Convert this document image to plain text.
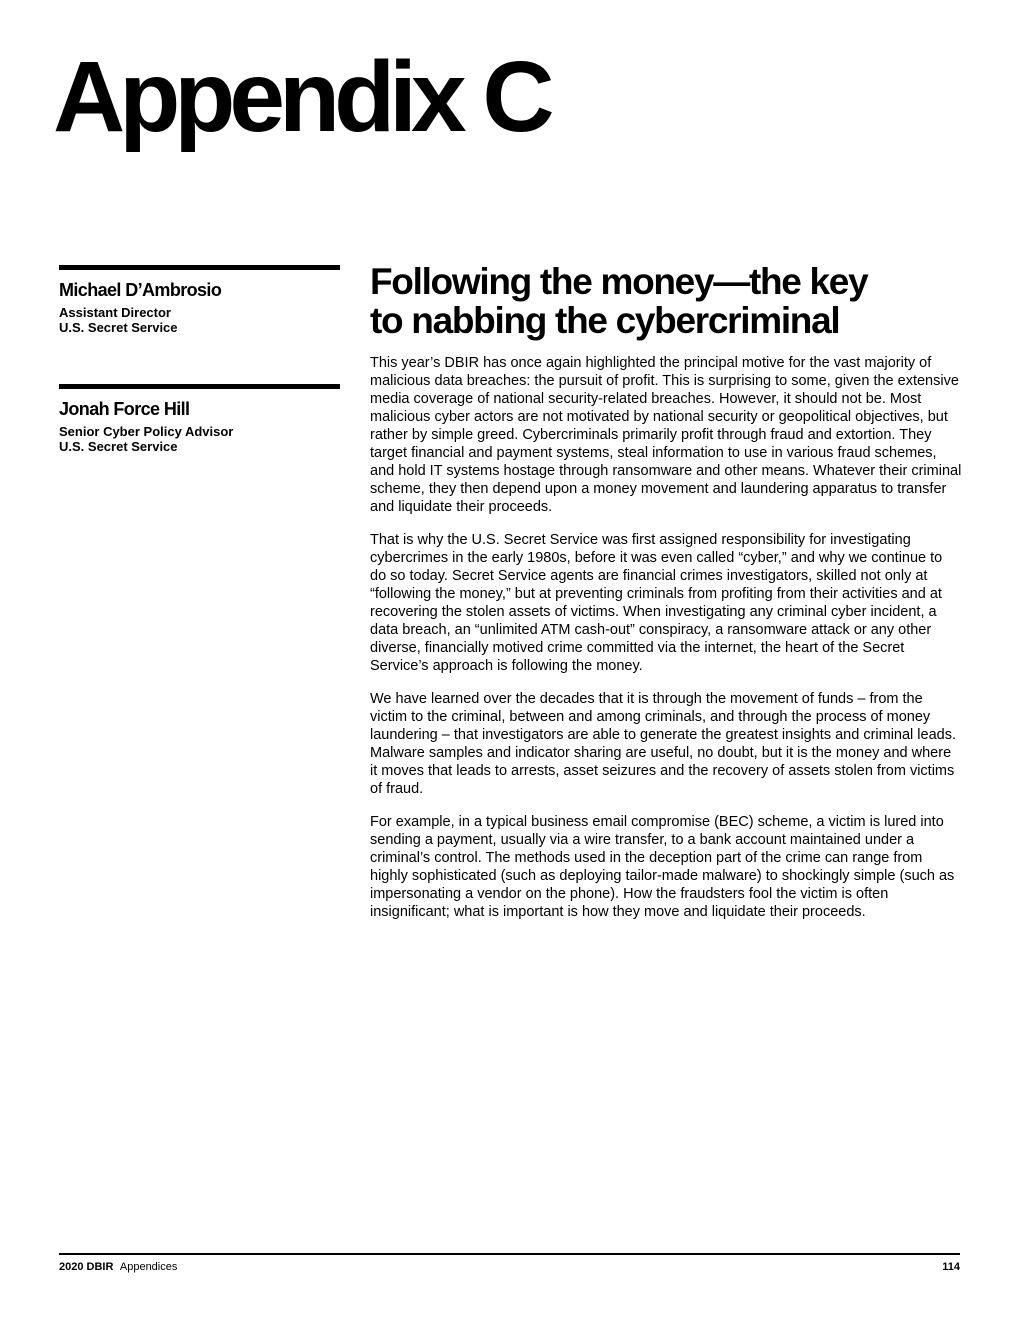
Appendix C

Michael D’Ambrosio

Assistant Director

U.S. Secret Service

Jonah Force Hill

Senior Cyber Policy Advisor

U.S. Secret Service

Following the money—the key
to nabbing the cybercriminal

This year’s DBIR has once again highlighted the principal motive for the vast majority of malicious data breaches: the pursuit of profit. This is surprising to some, given the extensive media coverage of national security-related breaches. However, it should not be. Most malicious cyber actors are not motivated by national security or geopolitical objectives, but rather by simple greed. Cybercriminals primarily profit through fraud and extortion. They target financial and payment systems, steal information to use in various fraud schemes, and hold IT systems hostage through ransomware and other means. Whatever their criminal scheme, they then depend upon a money movement and laundering apparatus to transfer and liquidate their proceeds.

That is why the U.S. Secret Service was first assigned responsibility for investigating cybercrimes in the early 1980s, before it was even called “cyber,” and why we continue to do so today. Secret Service agents are financial crimes investigators, skilled not only at “following the money,” but at preventing criminals from profiting from their activities and at recovering the stolen assets of victims. When investigating any criminal cyber incident, a data breach, an “unlimited ATM cash-out” conspiracy, a ransomware attack or any other diverse, financially motived crime committed via the internet, the heart of the Secret Service’s approach is following the money.

We have learned over the decades that it is through the movement of funds – from the victim to the criminal, between and among criminals, and through the process of money laundering – that investigators are able to generate the greatest insights and criminal leads. Malware samples and indicator sharing are useful, no doubt, but it is the money and where it moves that leads to arrests, asset seizures and the recovery of assets stolen from victims of fraud.

For example, in a typical business email compromise (BEC) scheme, a victim is lured into sending a payment, usually via a wire transfer, to a bank account maintained under a criminal’s control. The methods used in the deception part of the crime can range from highly sophisticated (such as deploying tailor-made malware) to shockingly simple (such as impersonating a vendor on the phone). How the fraudsters fool the victim is often insignificant; what is important is how they move and liquidate their proceeds.

2020 DBIR Appendices	114
